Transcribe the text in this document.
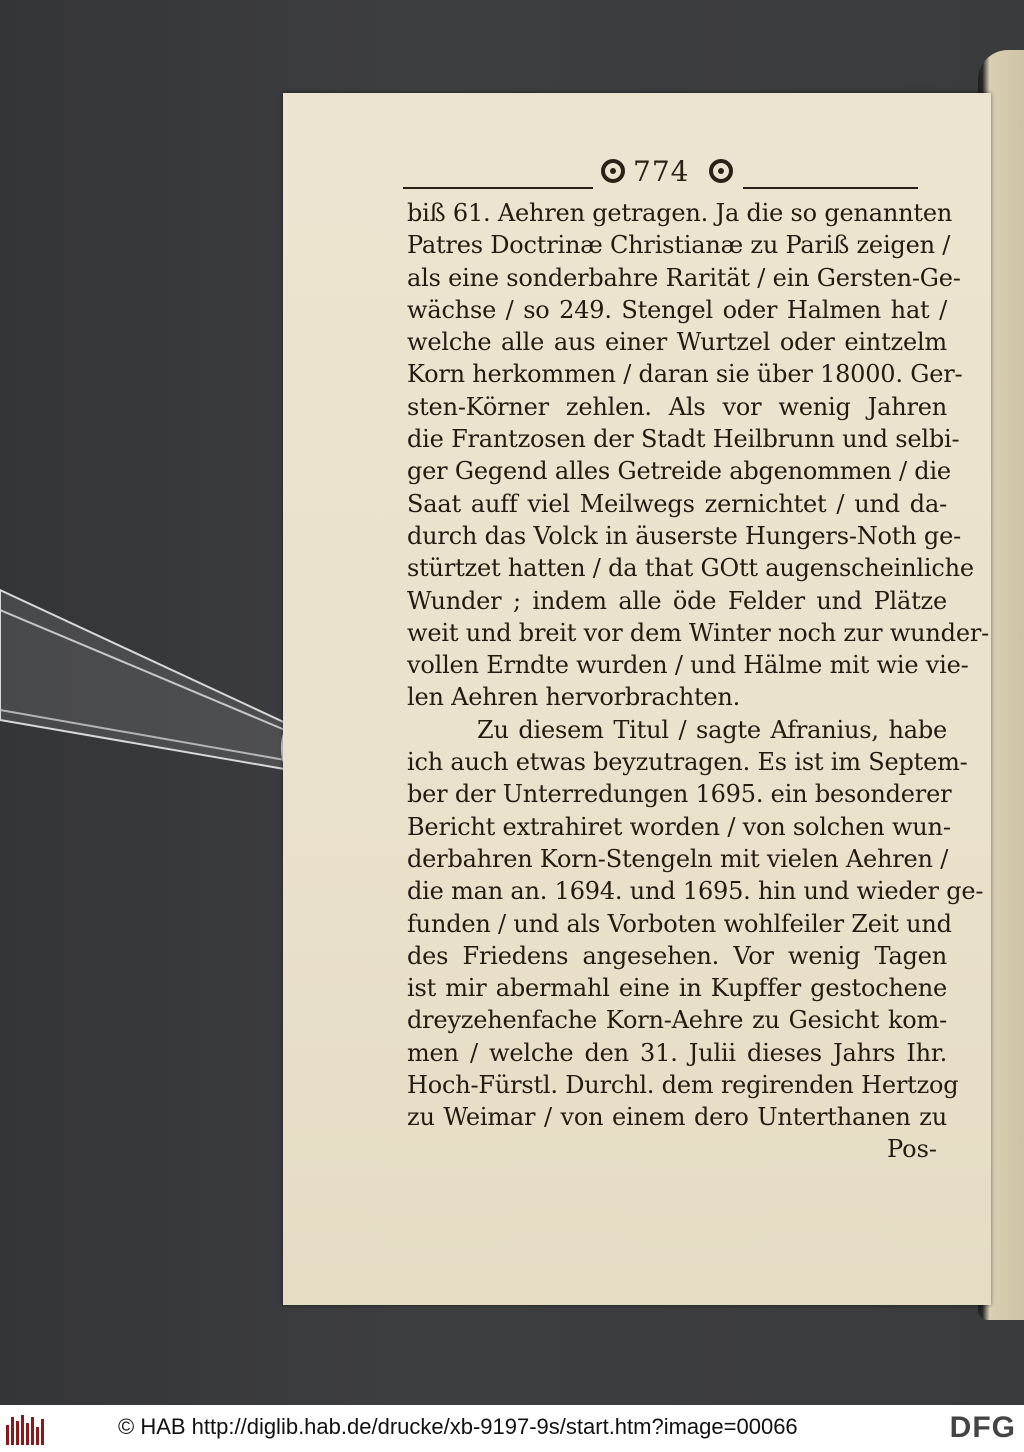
774
biß 61. Aehren getragen. Ja die so genannten
Patres Doctrinæ Christianæ zu Pariß zeigen /
als eine sonderbahre Rarität / ein Gersten-Ge-
wächse / so 249. Stengel oder Halmen hat /
welche alle aus einer Wurtzel oder eintzelm
Korn herkommen / daran sie über 18000. Ger-
sten-Körner zehlen. Als vor wenig Jahren
die Frantzosen der Stadt Heilbrunn und selbi-
ger Gegend alles Getreide abgenommen / die
Saat auff viel Meilwegs zernichtet / und da-
durch das Volck in äuserste Hungers-Noth ge-
stürtzet hatten / da that GOtt augenscheinliche
Wunder ; indem alle öde Felder und Plätze
weit und breit vor dem Winter noch zur wunder-
vollen Erndte wurden / und Hälme mit wie vie-
len Aehren hervorbrachten.
Zu diesem Titul / sagte Afranius, habe
ich auch etwas beyzutragen. Es ist im Septem-
ber der Unterredungen 1695. ein besonderer
Bericht extrahiret worden / von solchen wun-
derbahren Korn-Stengeln mit vielen Aehren /
die man an. 1694. und 1695. hin und wieder ge-
funden / und als Vorboten wohlfeiler Zeit und
des Friedens angesehen. Vor wenig Tagen
ist mir abermahl eine in Kupffer gestochene
dreyzehenfache Korn-Aehre zu Gesicht kom-
men / welche den 31. Julii dieses Jahrs Ihr.
Hoch-Fürstl. Durchl. dem regirenden Hertzog
zu Weimar / von einem dero Unterthanen zu
Pos-
© HAB http://diglib.hab.de/drucke/xb-9197-9s/start.htm?image=00066	DFG
